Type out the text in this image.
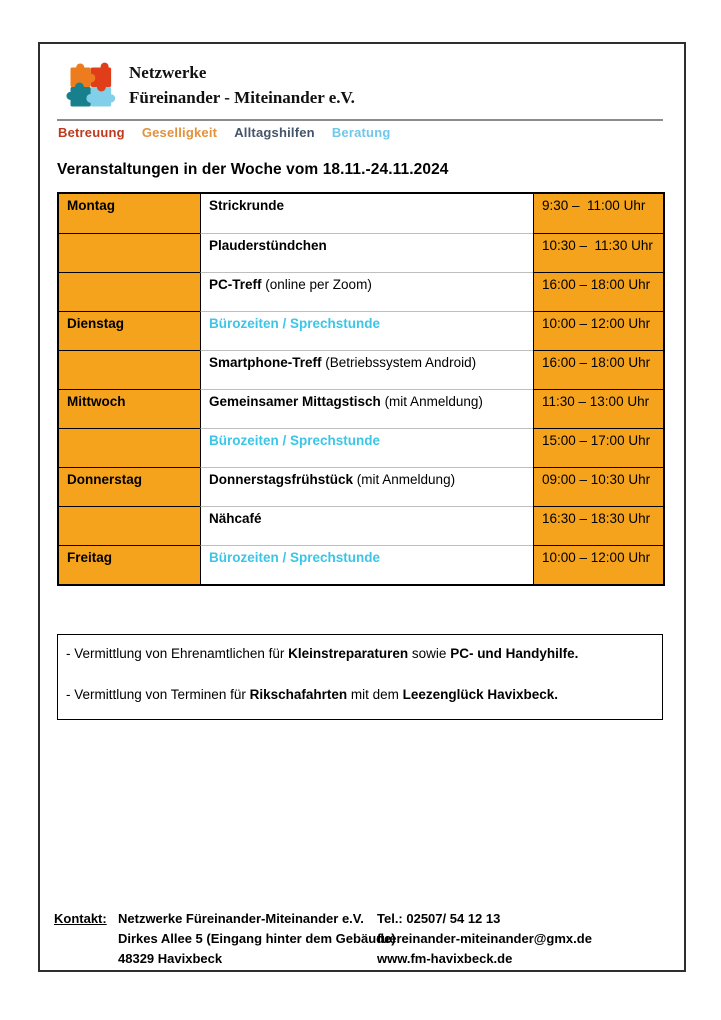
Netzwerke
Füreinander - Miteinander e.V.
Betreuung Geselligkeit Alltagshilfen Beratung
Veranstaltungen in der Woche vom 18.11.-24.11.2024
Montag	Strickrunde	9:30 –  11:00 Uhr
	Plauderstündchen	10:30 –  11:30 Uhr
	PC-Treff (online per Zoom)	16:00 – 18:00 Uhr
Dienstag	Bürozeiten / Sprechstunde	10:00 – 12:00 Uhr
	Smartphone-Treff (Betriebssystem Android)	16:00 – 18:00 Uhr
Mittwoch	Gemeinsamer Mittagstisch (mit Anmeldung)	11:30 – 13:00 Uhr
	Bürozeiten / Sprechstunde	15:00 – 17:00 Uhr
Donnerstag	Donnerstagsfrühstück (mit Anmeldung)	09:00 – 10:30 Uhr
	Nähcafé	16:30 – 18:30 Uhr
Freitag	Bürozeiten / Sprechstunde	10:00 – 12:00 Uhr

- Vermittlung von Ehrenamtlichen für Kleinstreparaturen sowie PC- und Handyhilfe.

- Vermittlung von Terminen für Rikschafahrten mit dem Leezenglück Havixbeck.

Kontakt: Netzwerke Füreinander-Miteinander e.V.
Dirkes Allee 5 (Eingang hinter dem Gebäude)
48329 Havixbeck
Tel.: 02507/ 54 12 13
fuereinander-miteinander@gmx.de
www.fm-havixbeck.de
